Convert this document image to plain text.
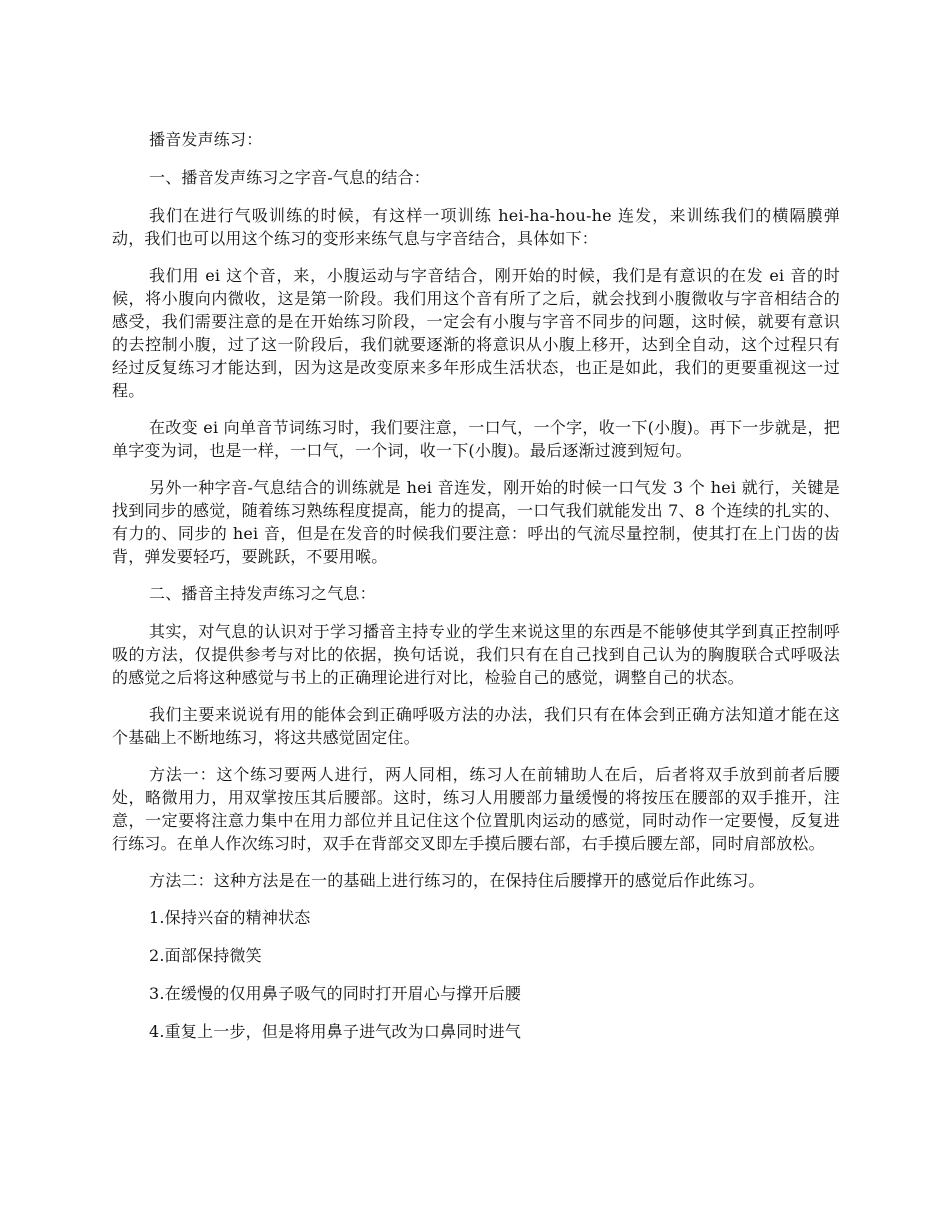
播音发声练习：

一、播音发声练习之字音-气息的结合：

我们在进行气吸训练的时候，有这样一项训练 hei-ha-hou-he 连发，来训练我们的横隔膜弹动，我们也可以用这个练习的变形来练气息与字音结合，具体如下：

我们用 ei 这个音，来，小腹运动与字音结合，刚开始的时候，我们是有意识的在发 ei 音的时候，将小腹向内微收，这是第一阶段。我们用这个音有所了之后，就会找到小腹微收与字音相结合的感受，我们需要注意的是在开始练习阶段，一定会有小腹与字音不同步的问题，这时候，就要有意识的去控制小腹，过了这一阶段后，我们就要逐渐的将意识从小腹上移开，达到全自动，这个过程只有经过反复练习才能达到，因为这是改变原来多年形成生活状态，也正是如此，我们的更要重视这一过程。

在改变 ei 向单音节词练习时，我们要注意，一口气，一个字，收一下(小腹)。再下一步就是，把单字变为词，也是一样，一口气，一个词，收一下(小腹)。最后逐渐过渡到短句。

另外一种字音-气息结合的训练就是 hei 音连发，刚开始的时候一口气发 3 个 hei 就行，关键是找到同步的感觉，随着练习熟练程度提高，能力的提高，一口气我们就能发出 7、8 个连续的扎实的、有力的、同步的 hei 音，但是在发音的时候我们要注意：呼出的气流尽量控制，使其打在上门齿的齿背，弹发要轻巧，要跳跃，不要用喉。

二、播音主持发声练习之气息：

其实，对气息的认识对于学习播音主持专业的学生来说这里的东西是不能够使其学到真正控制呼吸的方法，仅提供参考与对比的依据，换句话说，我们只有在自己找到自己认为的胸腹联合式呼吸法的感觉之后将这种感觉与书上的正确理论进行对比，检验自己的感觉，调整自己的状态。

我们主要来说说有用的能体会到正确呼吸方法的办法，我们只有在体会到正确方法知道才能在这个基础上不断地练习，将这共感觉固定住。

方法一：这个练习要两人进行，两人同相，练习人在前辅助人在后，后者将双手放到前者后腰处，略微用力，用双掌按压其后腰部。这时，练习人用腰部力量缓慢的将按压在腰部的双手推开，注意，一定要将注意力集中在用力部位并且记住这个位置肌肉运动的感觉，同时动作一定要慢，反复进行练习。在单人作次练习时，双手在背部交叉即左手摸后腰右部，右手摸后腰左部，同时肩部放松。

方法二：这种方法是在一的基础上进行练习的，在保持住后腰撑开的感觉后作此练习。

1.保持兴奋的精神状态

2.面部保持微笑

3.在缓慢的仅用鼻子吸气的同时打开眉心与撑开后腰

4.重复上一步，但是将用鼻子进气改为口鼻同时进气
